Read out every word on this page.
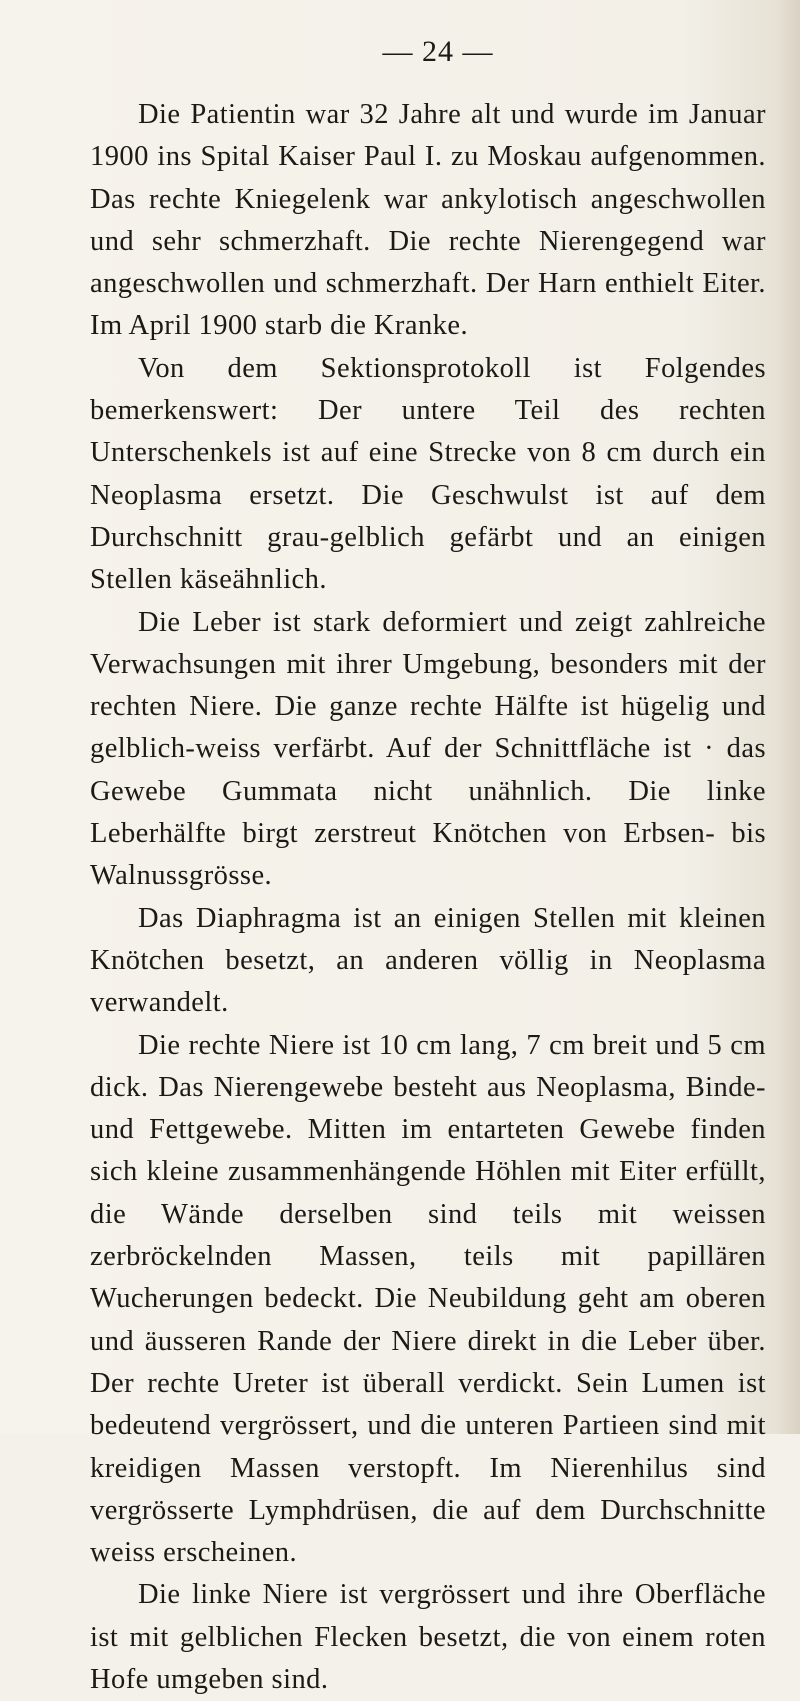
— 24 —

Die Patientin war 32 Jahre alt und wurde im Januar 1900 ins Spital Kaiser Paul I. zu Moskau aufgenommen. Das rechte Kniegelenk war ankylotisch angeschwollen und sehr schmerzhaft. Die rechte Nierengegend war angeschwollen und schmerzhaft. Der Harn enthielt Eiter. Im April 1900 starb die Kranke.

Von dem Sektionsprotokoll ist Folgendes bemerkenswert: Der untere Teil des rechten Unterschenkels ist auf eine Strecke von 8 cm durch ein Neoplasma ersetzt. Die Geschwulst ist auf dem Durchschnitt grau-gelblich gefärbt und an einigen Stellen käseähnlich.

Die Leber ist stark deformiert und zeigt zahlreiche Verwachsungen mit ihrer Umgebung, besonders mit der rechten Niere. Die ganze rechte Hälfte ist hügelig und gelblich-weiss verfärbt. Auf der Schnittfläche ist · das Gewebe Gummata nicht unähnlich. Die linke Leberhälfte birgt zerstreut Knötchen von Erbsen- bis Walnussgrösse.

Das Diaphragma ist an einigen Stellen mit kleinen Knötchen besetzt, an anderen völlig in Neoplasma verwandelt.

Die rechte Niere ist 10 cm lang, 7 cm breit und 5 cm dick. Das Nierengewebe besteht aus Neoplasma, Binde- und Fettgewebe. Mitten im entarteten Gewebe finden sich kleine zusammenhängende Höhlen mit Eiter erfüllt, die Wände derselben sind teils mit weissen zerbröckelnden Massen, teils mit papillären Wucherungen bedeckt. Die Neubildung geht am oberen und äusseren Rande der Niere direkt in die Leber über. Der rechte Ureter ist überall verdickt. Sein Lumen ist bedeutend vergrössert, und die unteren Partieen sind mit kreidigen Massen verstopft. Im Nierenhilus sind vergrösserte Lymphdrüsen, die auf dem Durchschnitte weiss erscheinen.

Die linke Niere ist vergrössert und ihre Oberfläche ist mit gelblichen Flecken besetzt, die von einem roten Hofe umgeben sind.
